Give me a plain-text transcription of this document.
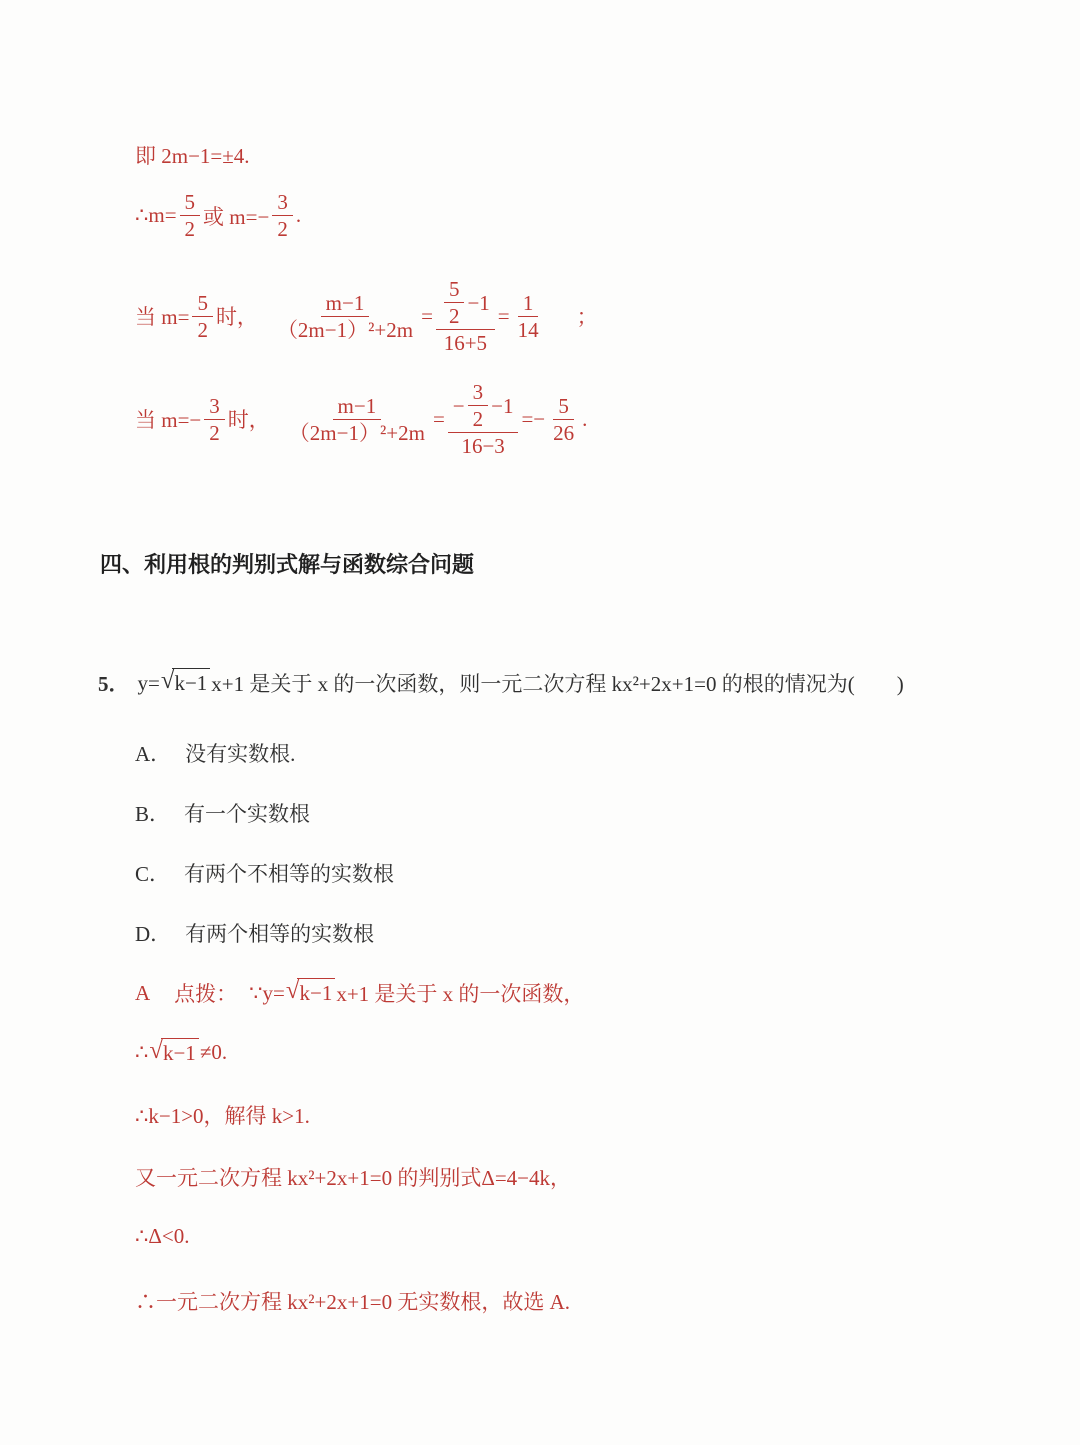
即 2m−1=±4.
∴m= $\frac{5}{2}$ 或 $m=- \frac{3}{2}$ .
当 $m= \frac{5}{2}$ 时， $\frac{m-1}{\text{（2m−1）²+2m}} = \frac{\frac{5}{2} -1}{16+5} = \frac{1}{14}$ ；
当 $m=- \frac{3}{2}$ 时， $\frac{m-1}{\text{（2m−1）²+2m}} = \frac{- \frac{3}{2} -1}{16-3} =- \frac{5}{26}$ .
四、利用根的判别式解与函数综合问题
5． y= √ k−1 x+1 是关于 x 的一次函数，则一元二次方程 kx²+2x+1=0 的根的情况为(　　)
A． 没有实数根.
B． 有一个实数根
C． 有两个不相等的实数根
D． 有两个相等的实数根
A 点拨： ∵y= √ k−1 x+1 是关于 x 的一次函数，
∴ √ k−1 ≠0.
∴k−1>0，解得 k>1.
又一元二次方程 kx²+2x+1=0 的判别式Δ=4−4k，
∴Δ<0.
∴一元二次方程 kx²+2x+1=0 无实数根，故选 A.
